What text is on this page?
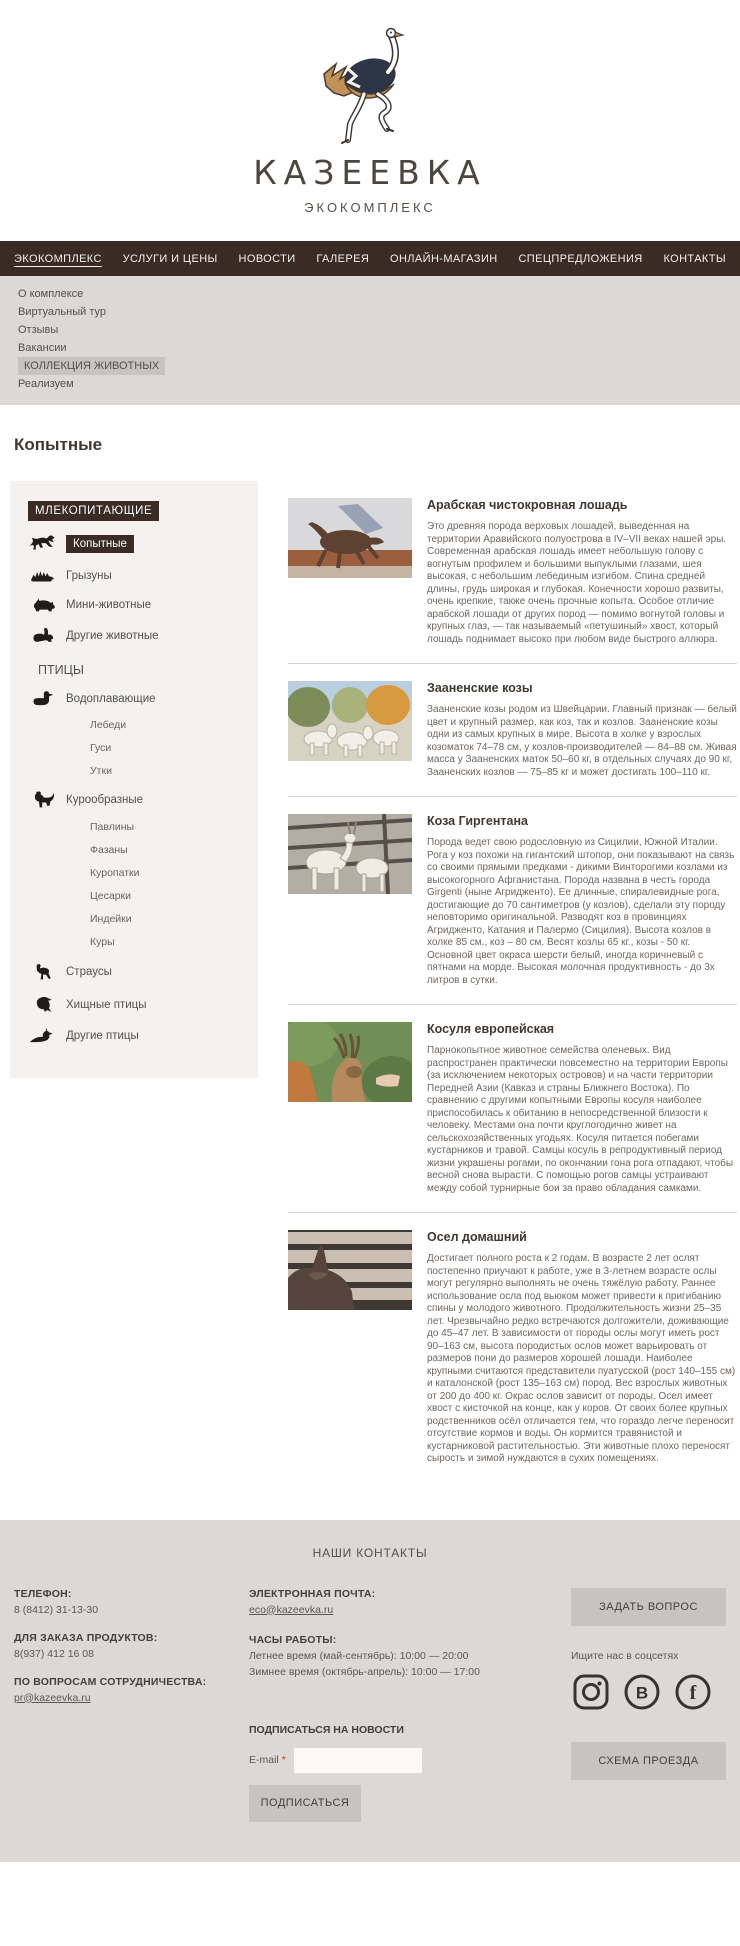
КАЗЕЕВКА
ЭКОКОМПЛЕКС
ЭКОКОМПЛЕКС УСЛУГИ И ЦЕНЫ НОВОСТИ ГАЛЕРЕЯ ОНЛАЙН-МАГАЗИН СПЕЦПРЕДЛОЖЕНИЯ КОНТАКТЫ
О комплексе
Виртуальный тур
Отзывы
Вакансии
КОЛЛЕКЦИЯ ЖИВОТНЫХ
Реализуем
Копытные
МЛЕКОПИТАЮЩИЕ
Копытные
Грызуны
Мини-животные
Другие животные
ПТИЦЫ
Водоплавающие
Лебеди
Гуси
Утки
Курообразные
Павлины
Фазаны
Куропатки
Цесарки
Индейки
Куры
Страусы
Хищные птицы
Другие птицы
Арабская чистокровная лошадь

Это древняя порода верховых лошадей, выведенная на территории Аравийского полуострова в IV–VII веках нашей эры. Современная арабская лошадь имеет небольшую голову с вогнутым профилем и большими выпуклыми глазами, шея высокая, с небольшим лебединым изгибом. Спина средней длины, грудь широкая и глубокая. Конечности хорошо развиты, очень крепкие, также очень прочные копыта. Особое отличие арабской лошади от других пород — помимо вогнутой головы и крупных глаз, — так называемый «петушиный» хвост, который лошадь поднимает высоко при любом виде быстрого аллюра.

Зааненские козы

Зааненские козы родом из Швейцарии. Главный признак — белый цвет и крупный размер, как коз, так и козлов. Зааненские козы одни из самых крупных в мире. Высота в холке у взрослых козоматок 74–78 см, у козлов-производителей — 84–88 см. Живая масса у Зааненских маток 50–60 кг, в отдельных случаях до 90 кг, Зааненских козлов — 75–85 кг и может достигать 100–110 кг.

Коза Гиргентана

Порода ведет свою родословную из Сицилии, Южной Италии. Рога у коз похожи на гигантский штопор, они показывают на связь со своими прямыми предками - дикими Винторогими козлами из высокогорного Афганистана. Порода названа в честь города Girgenti (ныне Агридженто). Ее длинные, спиралевидные рога, достигающие до 70 сантиметров (у козлов), сделали эту породу неповторимо оригинальной. Разводят коз в провинциях Агридженто, Катания и Палермо (Сицилия). Высота козлов в холке 85 см., коз – 80 см. Весят козлы 65 кг., козы - 50 кг. Основной цвет окраса шерсти белый, иногда коричневый с пятнами на морде. Высокая молочная продуктивность - до 3х литров в сутки.

Косуля европейская

Парнокопытное животное семейства оленевых. Вид распространен практически повсеместно на территории Европы (за исключением некоторых островов) и на части территории Передней Азии (Кавказ и страны Ближнего Востока). По сравнению с другими копытными Европы косуля наиболее приспособилась к обитанию в непосредственной близости к человеку. Местами она почти круглогодично живет на сельскохозяйственных угодьях. Косуля питается побегами кустарников и травой. Самцы косуль в репродуктивный период жизни украшены рогами, по окончании гона рога отпадают, чтобы весной снова вырасти. С помощью рогов самцы устраивают между собой турнирные бои за право обладания самками.

Осел домашний

Достигает полного роста к 2 годам. В возрасте 2 лет ослят постепенно приучают к работе, уже в 3-летнем возрасте ослы могут регулярно выполнять не очень тяжёлую работу. Раннее использование осла под вьюком может привести к пригибанию спины у молодого животного. Продолжительность жизни 25–35 лет. Чрезвычайно редко встречаются долгожители, доживающие до 45–47 лет. В зависимости от породы ослы могут иметь рост 90–163 см, высота породистых ослов может варьировать от размеров пони до размеров хорошей лошади. Наиболее крупными считаются представители пуатусской (рост 140–155 см) и каталонской (рост 135–163 см) пород. Вес взрослых животных от 200 до 400 кг. Окрас ослов зависит от породы. Осел имеет хвост с кисточкой на конце, как у коров. От своих более крупных родственников осёл отличается тем, что гораздо легче переносит отсутствие кормов и воды. Он кормится травянистой и кустарниковой растительностью. Эти животные плохо переносят сырость и зимой нуждаются в сухих помещениях.

НАШИ КОНТАКТЫ
ТЕЛЕФОН:
8 (8412) 31-13-30
ДЛЯ ЗАКАЗА ПРОДУКТОВ:
8(937) 412 16 08
ПО ВОПРОСАМ СОТРУДНИЧЕСТВА:
pr@kazeevka.ru
ЭЛЕКТРОННАЯ ПОЧТА:
eco@kazeevka.ru
ЧАСЫ РАБОТЫ:
Летнее время (май-сентябрь): 10:00 — 20:00
Зимнее время (октябрь-апрель): 10:00 — 17:00
ПОДПИСАТЬСЯ НА НОВОСТИ
E-mail *
ПОДПИСАТЬСЯ
ЗАДАТЬ ВОПРОС
Ищите нас в соцсетях
В f
СХЕМА ПРОЕЗДА
